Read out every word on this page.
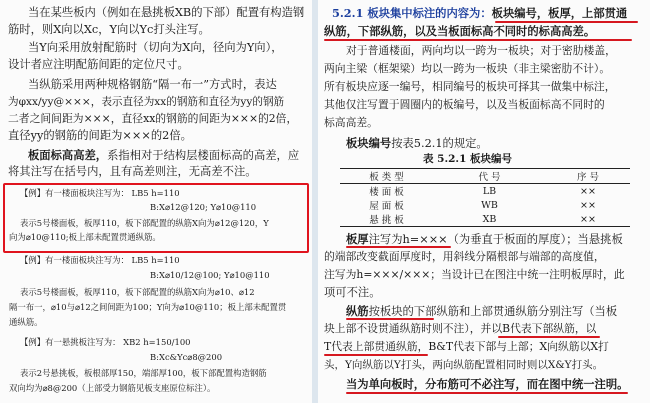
当在某些板内（例如在悬挑板XB的下部）配置有构造钢
筋时，则X向以Xc，Y向以Yc打头注写。
当Y向采用放射配筋时（切向为X向，径向为Y向），
设计者应注明配筋间距的定位尺寸。
当纵筋采用两种规格钢筋“隔一布一”方式时，表达
为φxx/yy@×××，表示直径为xx的钢筋和直径为yy的钢筋
二者之间间距为×××，直径xx的钢筋的间距为×××的2倍，
直径yy的钢筋的间距为×××的2倍。
板面标高高差，系指相对于结构层楼面标高的高差，应
将其注写在括号内，且有高差则注，无高差不注。
【例】有一楼面板块注写为： LB5 h=110
B:X⌀12@120; Y⌀10@110
表示5号楼面板，板厚110，板下部配置的纵筋X向为⌀12@120，Y
向为⌀10@110;板上部未配置贯通纵筋。
【例】有一楼面板块注写为： LB5 h=110
B:X⌀10/12@100; Y⌀10@110
表示5号楼面板，板厚110，板下部配置的纵筋X向为⌀10、⌀12
隔一布一，⌀10与⌀12之间间距为100；Y向为⌀10@110；板上部未配置贯
通纵筋。
【例】有一悬挑板注写为： XB2 h=150/100
B:Xc&Yc⌀8@200
表示2号悬挑板，板根部厚150，端部厚100，板下部配置构造钢筋
双向均为⌀8@200（上部受力钢筋见板支座原位标注）。
5.2.1 板块集中标注的内容为：板块编号，板厚，上部贯通
纵筋，下部纵筋，以及当板面标高不同时的标高高差。
对于普通楼面，两向均以一跨为一板块；对于密肋楼盖，
两向主梁（框架梁）均以一跨为一板块（非主梁密肋不计）。
所有板块应逐一编号，相同编号的板块可择其一做集中标注，
其他仅注写置于圆圈内的板编号，以及当板面标高不同时的
标高高差。
板块编号按表5.2.1的规定。
表 5.2.1 板块编号
板 类 型	代 号	序 号
楼 面 板	LB	××
屋 面 板	WB	××
悬 挑 板	XB	××
板厚注写为h=×××（为垂直于板面的厚度）；当悬挑板
的端部改变截面厚度时，用斜线分隔根部与端部的高度值，
注写为h=×××/×××；当设计已在图注中统一注明板厚时，此
项可不注。
纵筋按板块的下部纵筋和上部贯通纵筋分别注写（当板
块上部不设贯通纵筋时则不注），并以B代表下部纵筋，以
T代表上部贯通纵筋，B&T代表下部与上部；X向纵筋以X打
头，Y向纵筋以Y打头，两向纵筋配置相同时则以X&Y打头。
当为单向板时，分布筋可不必注写，而在图中统一注明。
